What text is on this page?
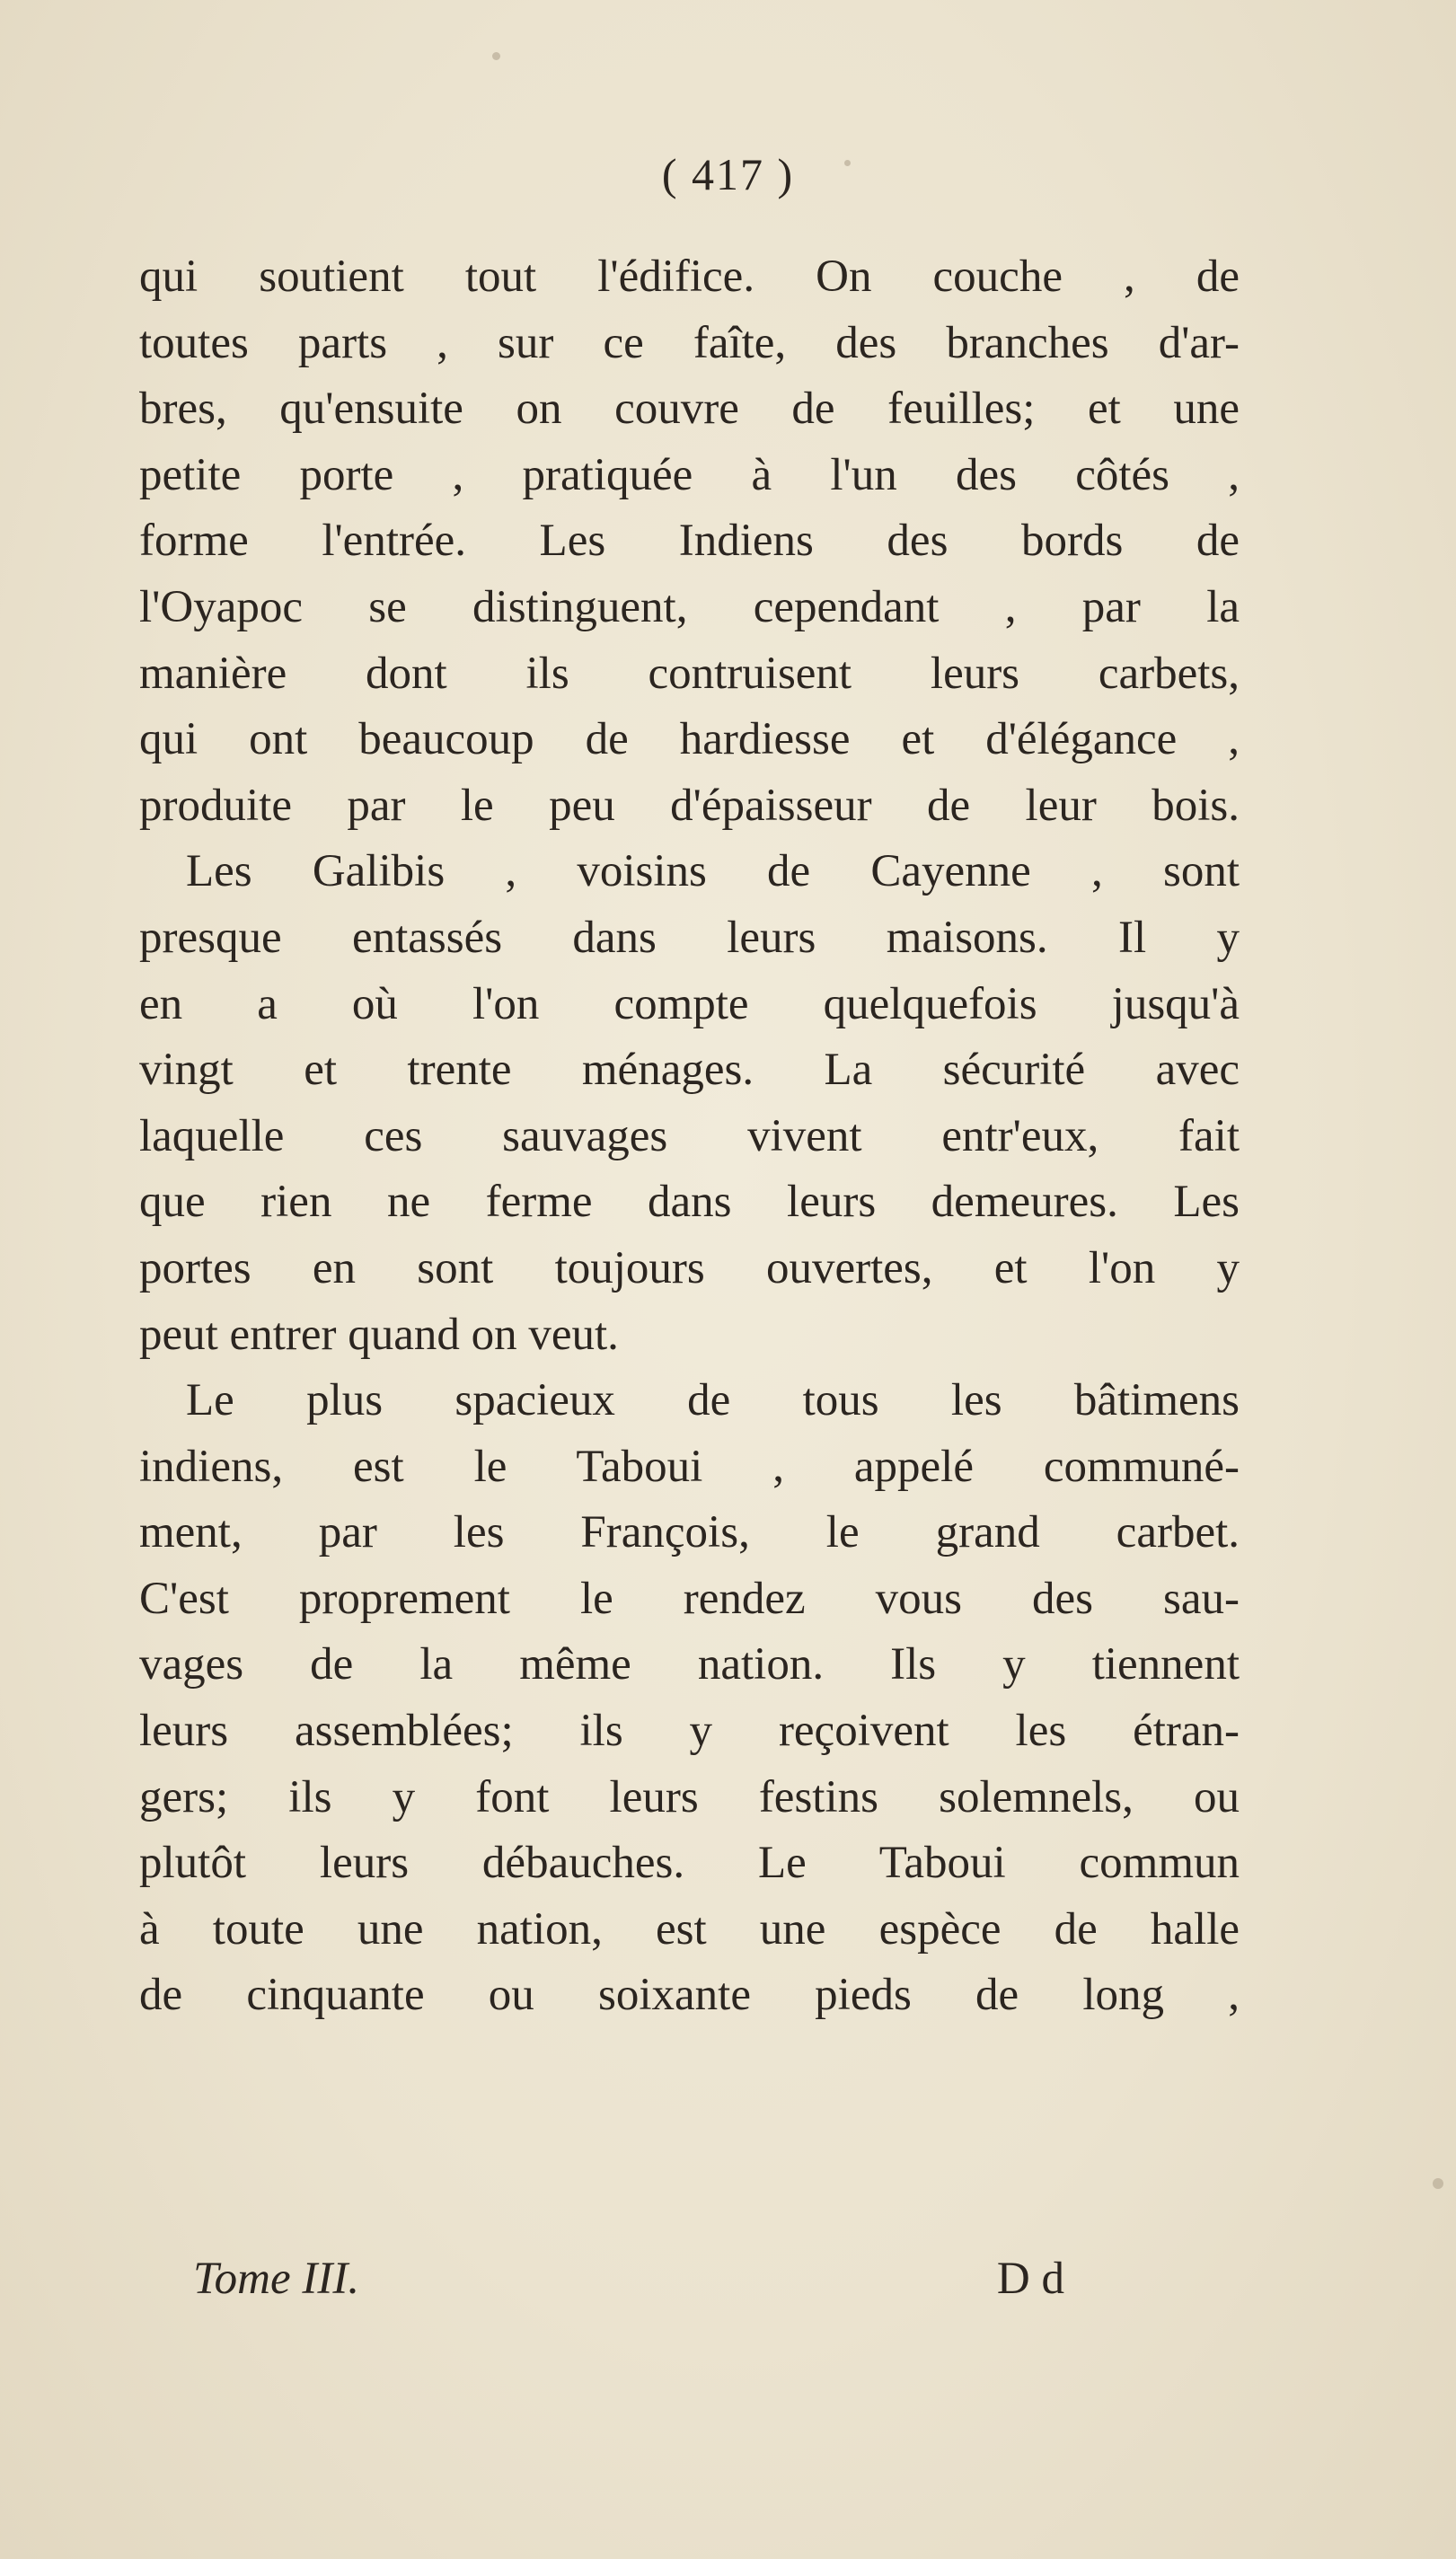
( 417 )
qui soutient tout l'édifice. On couche , de
toutes parts , sur ce faîte, des branches d'ar-
bres, qu'ensuite on couvre de feuilles; et une
petite porte , pratiquée à l'un des côtés ,
forme l'entrée. Les Indiens des bords de
l'Oyapoc se distinguent, cependant , par la
manière dont ils contruisent leurs carbets,
qui ont beaucoup de hardiesse et d'élégance ,
produite par le peu d'épaisseur de leur bois.
Les Galibis , voisins de Cayenne , sont
presque entassés dans leurs maisons. Il y
en a où l'on compte quelquefois jusqu'à
vingt et trente ménages. La sécurité avec
laquelle ces sauvages vivent entr'eux, fait
que rien ne ferme dans leurs demeures. Les
portes en sont toujours ouvertes, et l'on y
peut entrer quand on veut.
Le plus spacieux de tous les bâtimens
indiens, est le Taboui , appelé communé-
ment, par les François, le grand carbet.
C'est proprement le rendez vous des sau-
vages de la même nation. Ils y tiennent
leurs assemblées; ils y reçoivent les étran-
gers; ils y font leurs festins solemnels, ou
plutôt leurs débauches. Le Taboui commun
à toute une nation, est une espèce de halle
de cinquante ou soixante pieds de long ,
Tome III.	D d
